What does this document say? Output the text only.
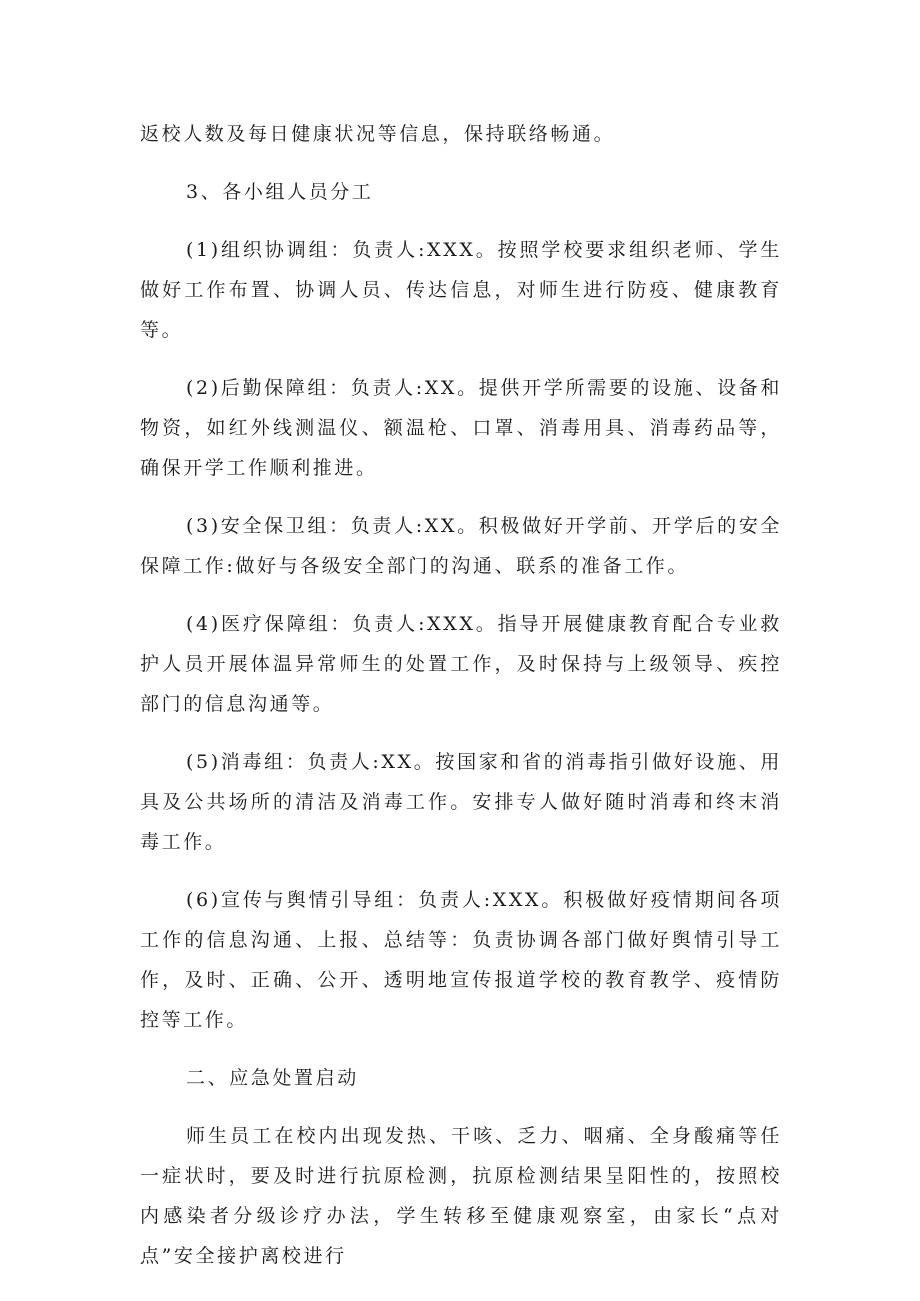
返校人数及每日健康状况等信息，保持联络畅通。

3、各小组人员分工

(1)组织协调组：负责人:XXX。按照学校要求组织老师、学生做好工作布置、协调人员、传达信息，对师生进行防疫、健康教育等。

(2)后勤保障组：负责人:XX。提供开学所需要的设施、设备和物资，如红外线测温仪、额温枪、口罩、消毒用具、消毒药品等，确保开学工作顺利推进。

(3)安全保卫组：负责人:XX。积极做好开学前、开学后的安全保障工作:做好与各级安全部门的沟通、联系的准备工作。

(4)医疗保障组：负责人:XXX。指导开展健康教育配合专业救护人员开展体温异常师生的处置工作，及时保持与上级领导、疾控部门的信息沟通等。

(5)消毒组：负责人:XX。按国家和省的消毒指引做好设施、用具及公共场所的清洁及消毒工作。安排专人做好随时消毒和终末消毒工作。

(6)宣传与舆情引导组：负责人:XXX。积极做好疫情期间各项工作的信息沟通、上报、总结等：负责协调各部门做好舆情引导工作，及时、正确、公开、透明地宣传报道学校的教育教学、疫情防控等工作。

二、应急处置启动

师生员工在校内出现发热、干咳、乏力、咽痛、全身酸痛等任一症状时，要及时进行抗原检测，抗原检测结果呈阳性的，按照校内感染者分级诊疗办法，学生转移至健康观察室，由家长“点对点”安全接护离校进行
